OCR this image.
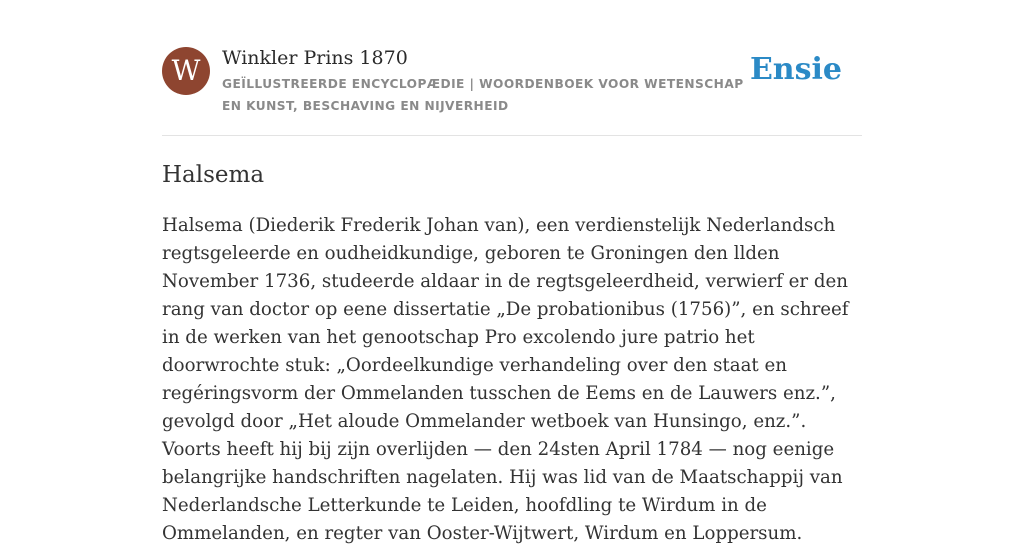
W	Winkler Prins 1870
GEÏLLUSTREERDE ENCYCLOPÆDIE | WOORDENBOEK VOOR WETENSCHAP EN KUNST, BESCHAVING EN NIJVERHEID
Ensie
Halsema

Halsema (Diederik Frederik Johan van), een verdienstelijk Nederlandsch regtsgeleerde en oudheidkundige, geboren te Groningen den llden November 1736, studeerde aldaar in de regtsgeleerdheid, verwierf er den rang van doctor op eene dissertatie „De probationibus (1756)”, en schreef in de werken van het genootschap Pro excolendo jure patrio het doorwrochte stuk: „Oordeelkundige verhandeling over den staat en regéringsvorm der Ommelanden tusschen de Eems en de Lauwers enz.”, gevolgd door „Het aloude Ommelander wetboek van Hunsingo, enz.”. Voorts heeft hij bij zijn overlijden — den 24sten April 1784 — nog eenige belangrijke handschriften nagelaten. Hij was lid van de Maatschappij van Nederlandsche Letterkunde te Leiden, hoofdling te Wirdum in de Ommelanden, en regter van Ooster-Wijtwert, Wirdum en Loppersum.
